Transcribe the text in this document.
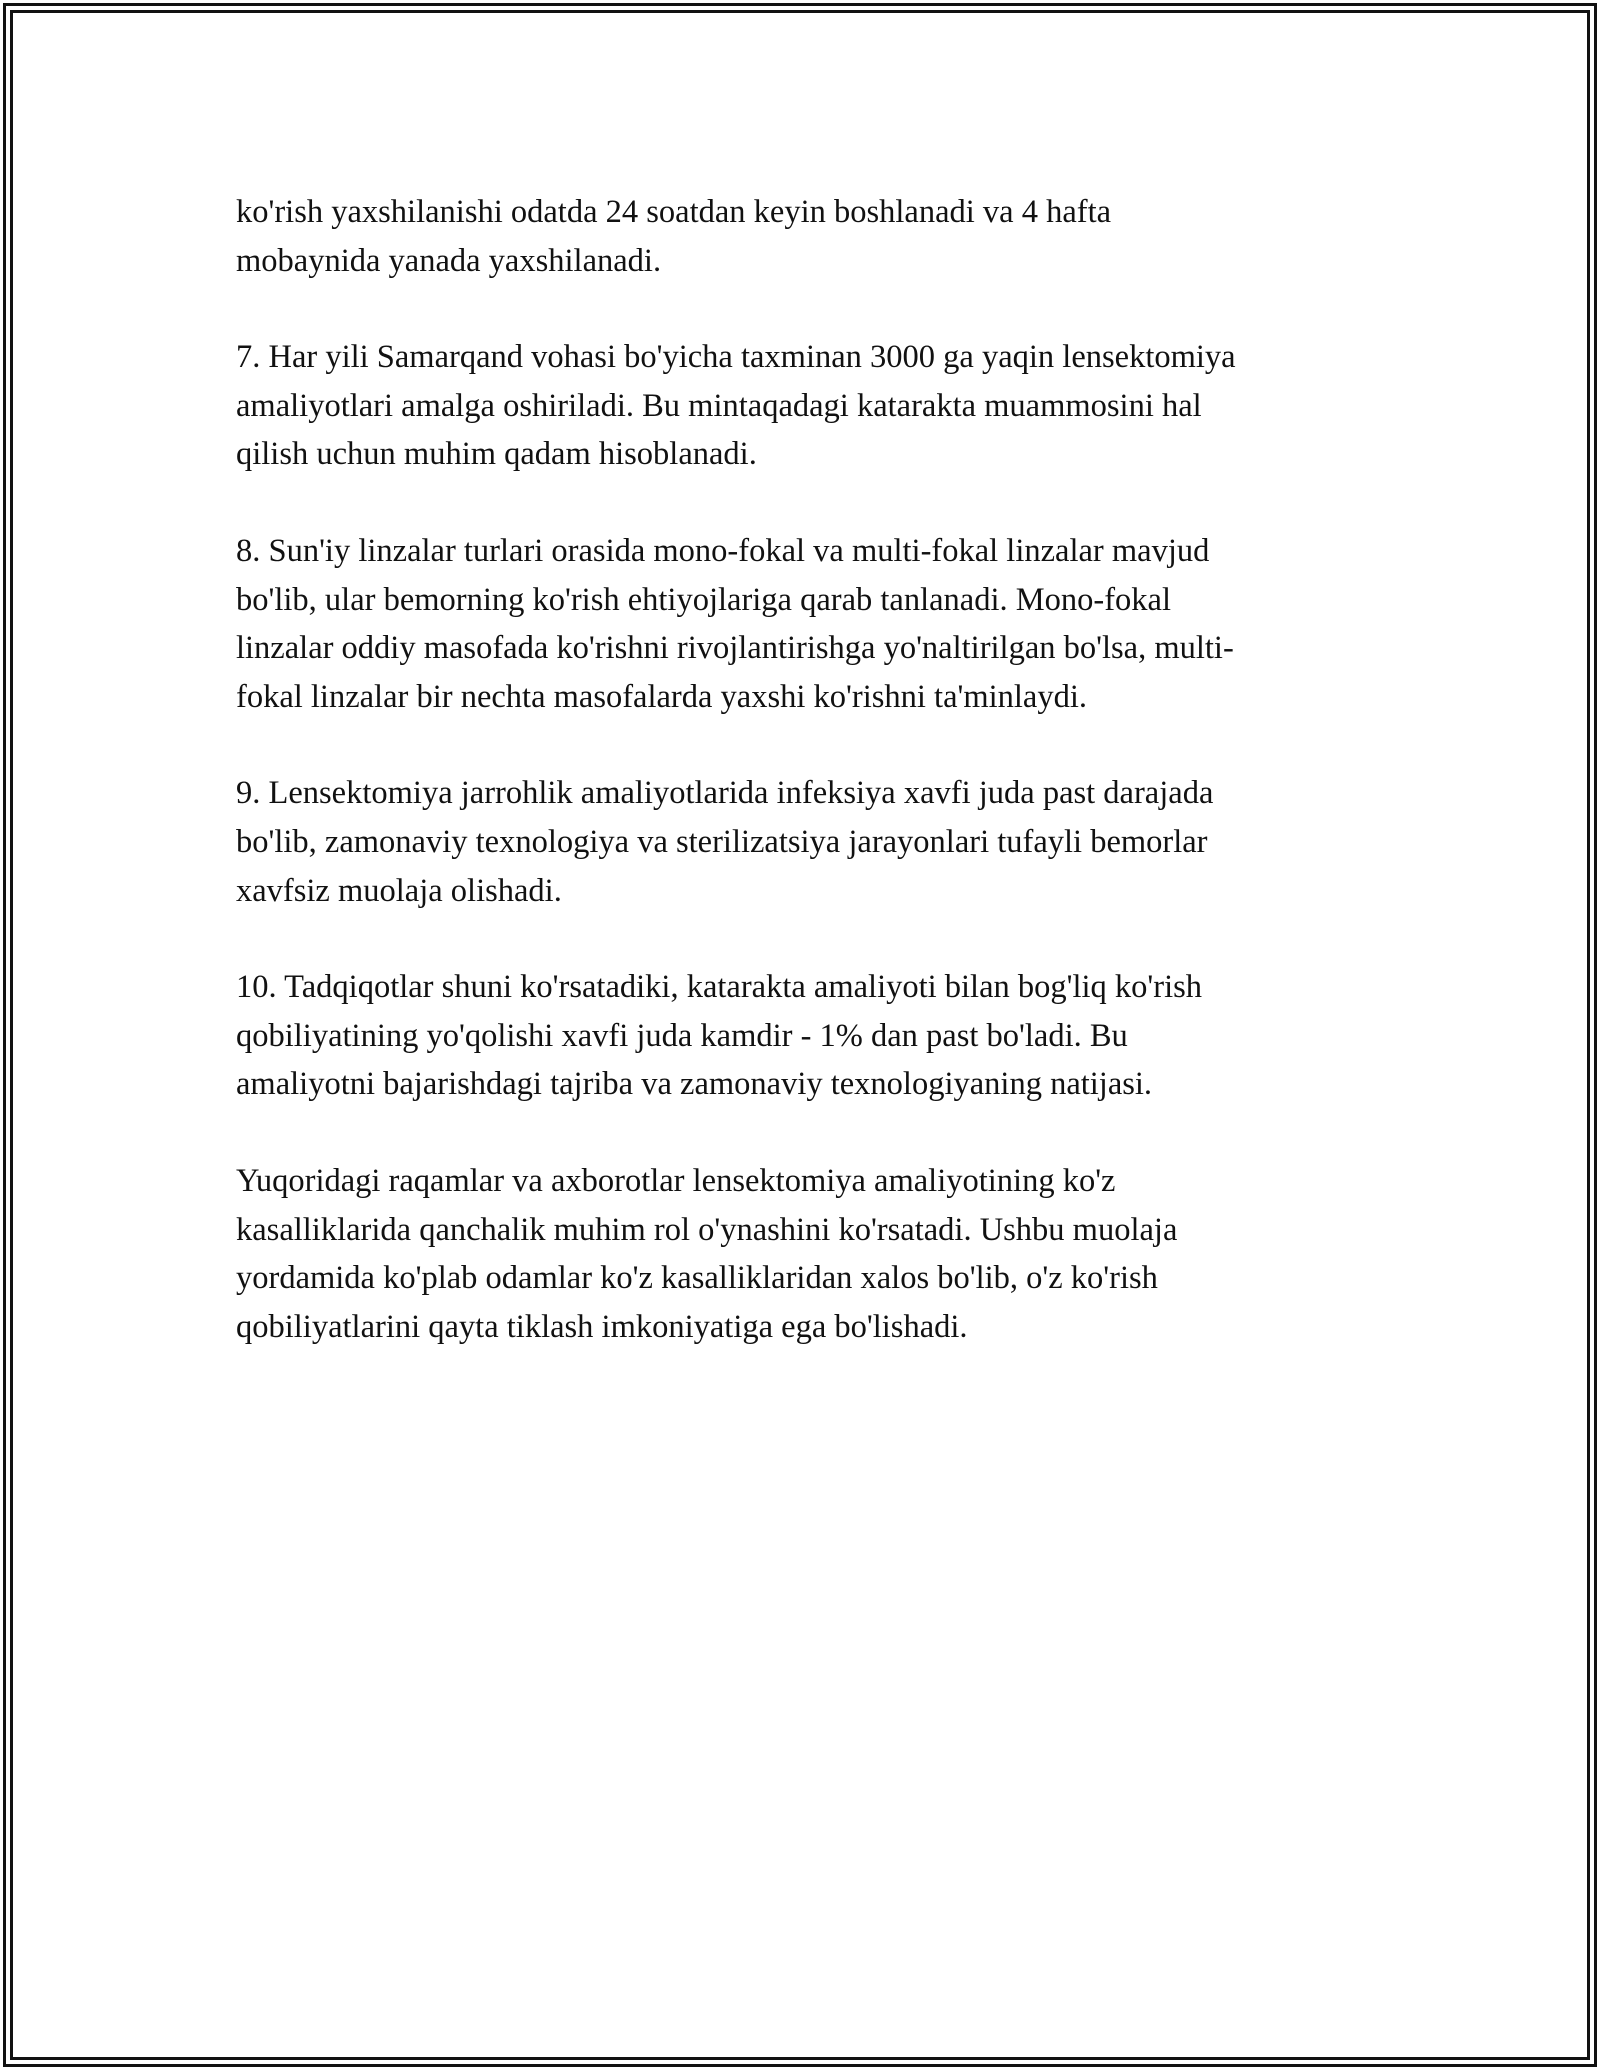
ko'rish yaxshilanishi odatda 24 soatdan keyin boshlanadi va 4 hafta
mobaynida yanada yaxshilanadi.

7. Har yili Samarqand vohasi bo'yicha taxminan 3000 ga yaqin lensektomiya
amaliyotlari amalga oshiriladi. Bu mintaqadagi katarakta muammosini hal
qilish uchun muhim qadam hisoblanadi.

8. Sun'iy linzalar turlari orasida mono-fokal va multi-fokal linzalar mavjud
bo'lib, ular bemorning ko'rish ehtiyojlariga qarab tanlanadi. Mono-fokal
linzalar oddiy masofada ko'rishni rivojlantirishga yo'naltirilgan bo'lsa, multi-
fokal linzalar bir nechta masofalarda yaxshi ko'rishni ta'minlaydi.

9. Lensektomiya jarrohlik amaliyotlarida infeksiya xavfi juda past darajada
bo'lib, zamonaviy texnologiya va sterilizatsiya jarayonlari tufayli bemorlar
xavfsiz muolaja olishadi.

10. Tadqiqotlar shuni ko'rsatadiki, katarakta amaliyoti bilan bog'liq ko'rish
qobiliyatining yo'qolishi xavfi juda kamdir - 1% dan past bo'ladi. Bu
amaliyotni bajarishdagi tajriba va zamonaviy texnologiyaning natijasi.

Yuqoridagi raqamlar va axborotlar lensektomiya amaliyotining ko'z
kasalliklarida qanchalik muhim rol o'ynashini ko'rsatadi. Ushbu muolaja
yordamida ko'plab odamlar ko'z kasalliklaridan xalos bo'lib, o'z ko'rish
qobiliyatlarini qayta tiklash imkoniyatiga ega bo'lishadi.
